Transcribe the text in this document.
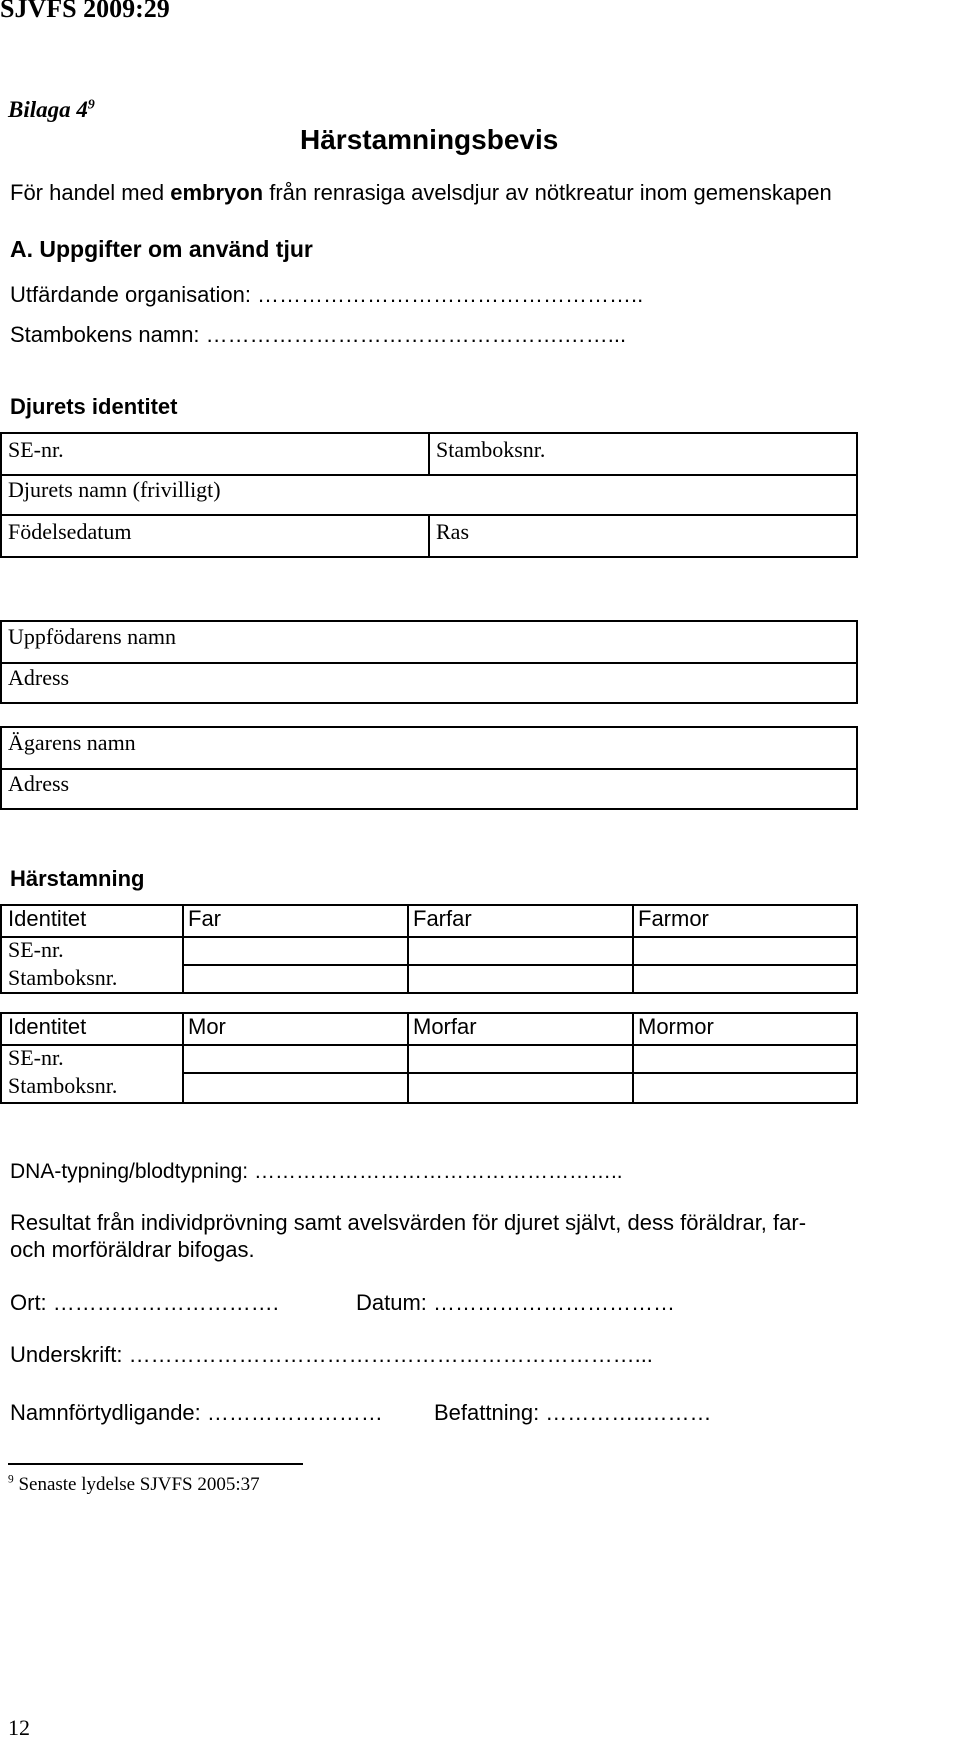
SJVFS 2009:29
Bilaga $4^9$
Härstamningsbevis
För handel med embryon från renrasiga avelsdjur av nötkreatur inom gemenskapen
A. Uppgifter om använd tjur
Utfärdande organisation: ……………………………………………..
Stambokens namn: ………………………………………….……...
Djurets identitet
SE-nr.	Stamboksnr.
Djurets namn (frivilligt)
Födelsedatum	Ras
Uppfödarens namn
Adress
Ägarens namn
Adress
Härstamning
Identitet	Far	Farfar	Farmor
SE-nr.
Stamboksnr.
Identitet	Mor	Morfar	Mormor
SE-nr.
Stamboksnr.
DNA-typning/blodtypning: ……………………………………………..
Resultat från individprövning samt avelsvärden för djuret självt, dess föräldrar, far-
och morföräldrar bifogas.
Ort: ………………………….	Datum: ……………………………
Underskrift: ……………………………………………………………...
Namnförtydligande: …………………… Befattning: …………..………
$^9$ Senaste lydelse SJVFS 2005:37
12
